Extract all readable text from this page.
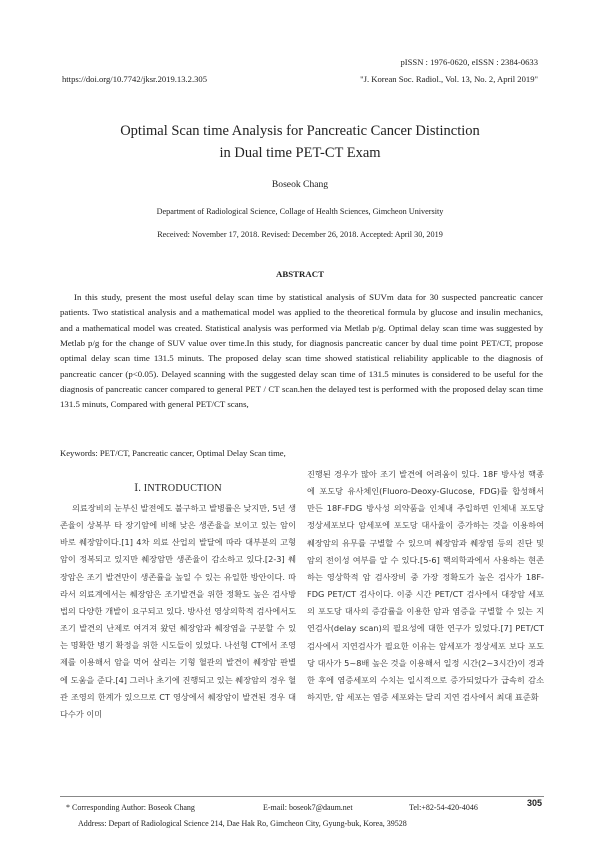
pISSN : 1976-0620, eISSN : 2384-0633
https://doi.org/10.7742/jksr.2019.13.2.305	"J. Korean Soc. Radiol., Vol. 13, No. 2, April 2019"
Optimal Scan time Analysis for Pancreatic Cancer Distinction
in Dual time PET-CT Exam
Boseok Chang
Department of Radiological Science, Collage of Health Sciences, Gimcheon University
Received: November 17, 2018. Revised: December 26, 2018. Accepted: April 30, 2019
ABSTRACT
In this study, present the most useful delay scan time by statistical analysis of SUVm data for 30 suspected pancreatic cancer patients. Two statistical analysis and a mathematical model was applied to the theoretical formula by glucose and insulin mechanics, and a mathematical model was created. Statistical analysis was performed via Metlab p/g. Optimal delay scan time was suggested by Metlab p/g for the change of SUV value over time.In this study, for diagnosis pancreatic cancer by dual time point PET/CT, propose optimal delay scan time 131.5 minuts. The proposed delay scan time showed statistical reliability applicable to the diagnosis of pancreatic cancer (p<0.05). Delayed scanning with the suggested delay scan time of 131.5 minutes is considered to be useful for the diagnosis of pancreatic cancer compared to general PET / CT scan.hen the delayed test is performed with the proposed delay scan time 131.5 minuts, Compared with general PET/CT scans,
Keywords: PET/CT, Pancreatic cancer, Optimal Delay Scan time,
Ⅰ. INTRODUCTION

의료장비의 눈부신 발전에도 불구하고 발병률은 낮지만, 5년 생존율이 상복부 타 장기암에 비해 낮은 생존율을 보이고 있는 암이 바로 췌장암이다.[1] 4차 의료 산업의 발달에 따라 대부분의 고형암이 정복되고 있지만 췌장암만 생존율이 감소하고 있다.[2-3] 췌장암은 조기 발견만이 생존률을 높일 수 있는 유일한 방안이다. 따라서 의료계에서는 췌장암은 조기발견을 위한 정확도 높은 검사방법의 다양한 개발이 요구되고 있다. 방사선 영상의학적 검사에서도 조기 발견의 난제로 여겨져 왔던 췌장암과 췌장염을 구분할 수 있는 명확한 병기 확정을 위한 시도들이 있었다. 나선형 CT에서 조영제를 이용해서 암을 먹어 살리는 기형 혈관의 발견이 췌장암 판별에 도움을 준다.[4] 그러나 초기에 진행되고 있는 췌장암의 경우 혈관 조영의 한계가 있으므로 CT 영상에서 췌장암이 발견된 경우 대다수가 이미

진행된 경우가 많아 조기 발견에 어려움이 있다. 18F 방사성 핵종에 포도당 유사체인(Fluoro-Deoxy-Glucose, FDG)를 합성해서 만든 18F-FDG 방사성 의약품을 인체내 주입하면 인체내 포도당 정상세포보다 암세포에 포도당 대사율이 증가하는 것을 이용하여 췌장암의 유무를 구별할 수 있으며 췌장암과 췌장염 등의 진단 및 암의 전이성 여부를 알 수 있다.[5-6] 핵의학과에서 사용하는 현존하는 영상학적 암 검사장비 중 가장 정확도가 높은 검사가 18F-FDG PET/CT 검사이다. 이중 시간 PET/CT 검사에서 대장암 세포의 포도당 대사의 증감률을 이용한 암과 염증을 구별할 수 있는 지연검사(delay scan)의 필요성에 대한 연구가 있었다.[7] PET/CT검사에서 지연검사가 필요한 이유는 암세포가 정상세포 보다 포도당 대사가 5~8배 높은 것을 이용해서 일정 시간(2~3시간)이 경과한 후에 염증세포의 수치는 일시적으로 증가되었다가 급속히 감소하지만, 암 세포는 염증 세포와는 달리 지연 검사에서 최대 표준화

* Corresponding Author: Boseok Chang	E-mail: boseok7@daum.net	Tel:+82-54-420-4046
Address: Depart of Radiological Science 214, Dae Hak Ro, Gimcheon City, Gyung-buk, Korea, 39528
305
